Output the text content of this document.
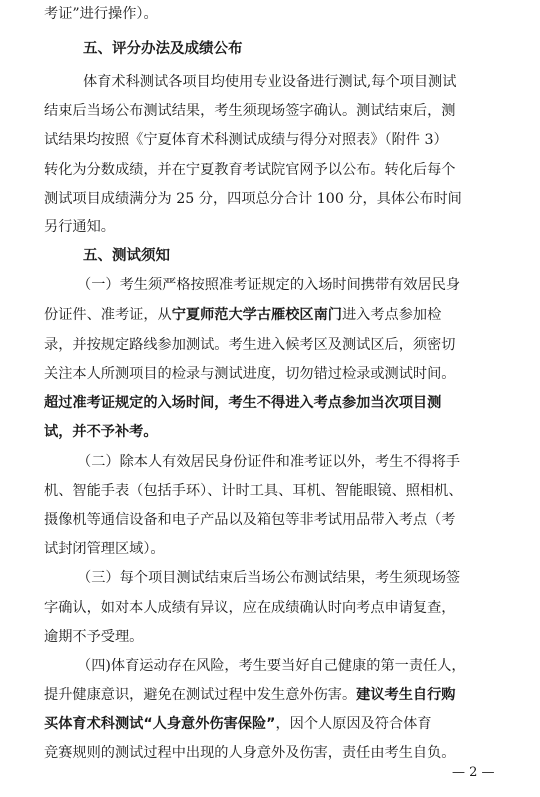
考证”进行操作）。
五、评分办法及成绩公布
体育术科测试各项目均使用专业设备进行测试,每个项目测试
结束后当场公布测试结果，考生须现场签字确认。测试结束后，测
试结果均按照《宁夏体育术科测试成绩与得分对照表》（附件 3）
转化为分数成绩，并在宁夏教育考试院官网予以公布。转化后每个
测试项目成绩满分为 25 分，四项总分合计 100 分，具体公布时间
另行通知。
五、测试须知
（一）考生须严格按照准考证规定的入场时间携带有效居民身
份证件、准考证，从宁夏师范大学古雁校区南门进入考点参加检
录，并按规定路线参加测试。考生进入候考区及测试区后，须密切
关注本人所测项目的检录与测试进度，切勿错过检录或测试时间。
超过准考证规定的入场时间，考生不得进入考点参加当次项目测
试，并不予补考。
（二）除本人有效居民身份证件和准考证以外，考生不得将手
机、智能手表（包括手环）、计时工具、耳机、智能眼镜、照相机、
摄像机等通信设备和电子产品以及箱包等非考试用品带入考点（考
试封闭管理区域）。
（三）每个项目测试结束后当场公布测试结果，考生须现场签
字确认，如对本人成绩有异议，应在成绩确认时向考点申请复查，
逾期不予受理。
（四)体育运动存在风险，考生要当好自己健康的第一责任人，
提升健康意识，避免在测试过程中发生意外伤害。建议考生自行购
买体育术科测试“人身意外伤害保险”，因个人原因及符合体育
竞赛规则的测试过程中出现的人身意外及伤害，责任由考生自负。
— 2 —
